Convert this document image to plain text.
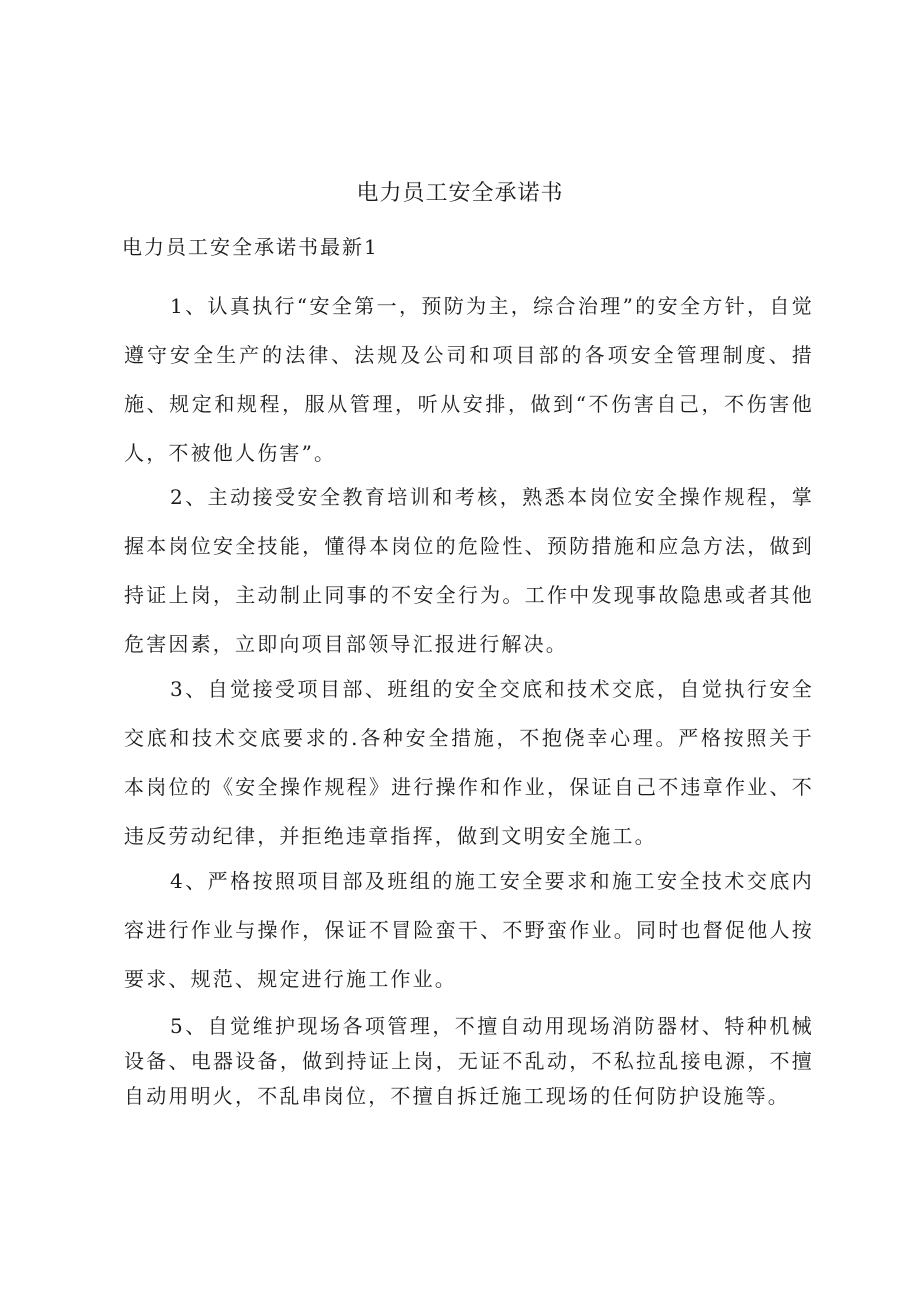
电力员工安全承诺书

电力员工安全承诺书最新1

1、认真执行“安全第一，预防为主，综合治理”的安全方针，自觉遵守安全生产的法律、法规及公司和项目部的各项安全管理制度、措施、规定和规程，服从管理，听从安排，做到“不伤害自己，不伤害他人，不被他人伤害”。

2、主动接受安全教育培训和考核，熟悉本岗位安全操作规程，掌握本岗位安全技能，懂得本岗位的危险性、预防措施和应急方法，做到持证上岗，主动制止同事的不安全行为。工作中发现事故隐患或者其他危害因素，立即向项目部领导汇报进行解决。

3、自觉接受项目部、班组的安全交底和技术交底，自觉执行安全交底和技术交底要求的.各种安全措施，不抱侥幸心理。严格按照关于本岗位的《安全操作规程》进行操作和作业，保证自己不违章作业、不违反劳动纪律，并拒绝违章指挥，做到文明安全施工。

4、严格按照项目部及班组的施工安全要求和施工安全技术交底内容进行作业与操作，保证不冒险蛮干、不野蛮作业。同时也督促他人按要求、规范、规定进行施工作业。

5、自觉维护现场各项管理，不擅自动用现场消防器材、特种机械设备、电器设备，做到持证上岗，无证不乱动，不私拉乱接电源，不擅自动用明火，不乱串岗位，不擅自拆迁施工现场的任何防护设施等。
